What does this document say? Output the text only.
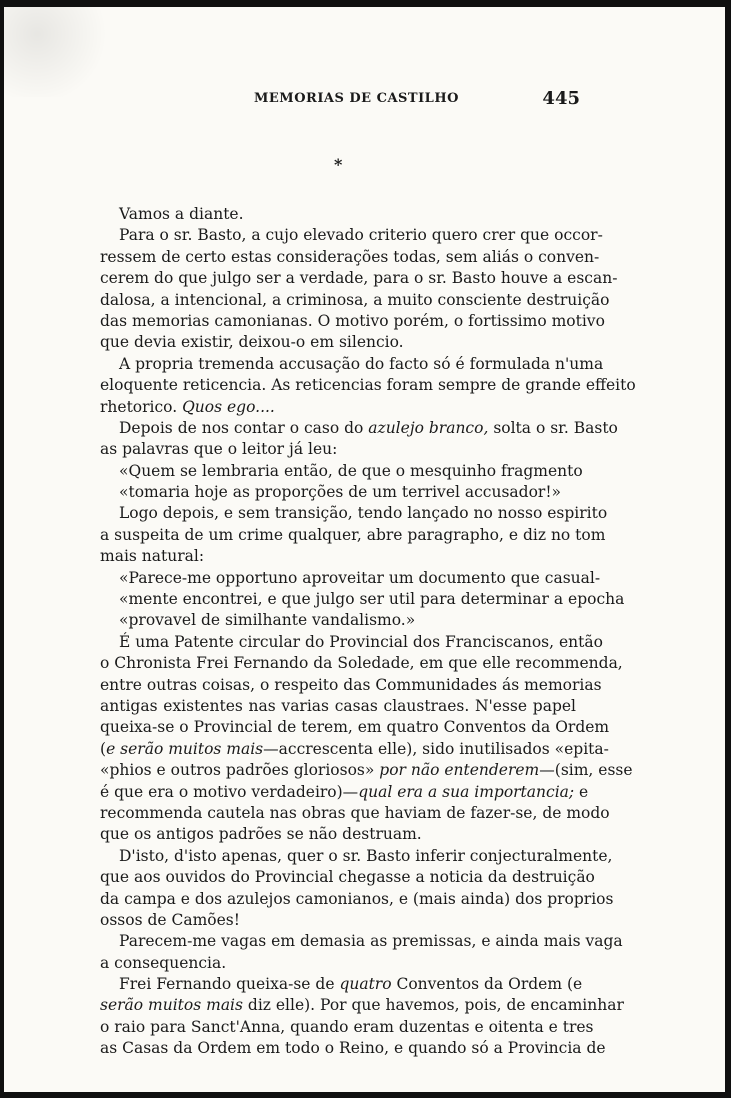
MEMORIAS DE CASTILHO	445
*
Vamos a diante.
Para o sr. Basto, a cujo elevado criterio quero crer que occor-
ressem de certo estas considerações todas, sem aliás o conven-
cerem do que julgo ser a verdade, para o sr. Basto houve a escan-
dalosa, a intencional, a criminosa, a muito consciente destruição
das memorias camonianas. O motivo porém, o fortissimo motivo
que devia existir, deixou-o em silencio.
A propria tremenda accusação do facto só é formulada n'uma
eloquente reticencia. As reticencias foram sempre de grande effeito
rhetorico. Quos ego....
Depois de nos contar o caso do azulejo branco, solta o sr. Basto
as palavras que o leitor já leu:
«Quem se lembraria então, de que o mesquinho fragmento
«tomaria hoje as proporções de um terrivel accusador!»
Logo depois, e sem transição, tendo lançado no nosso espirito
a suspeita de um crime qualquer, abre paragrapho, e diz no tom
mais natural:
«Parece-me opportuno aproveitar um documento que casual-
«mente encontrei, e que julgo ser util para determinar a epocha
«provavel de similhante vandalismo.»
É uma Patente circular do Provincial dos Franciscanos, então
o Chronista Frei Fernando da Soledade, em que elle recommenda,
entre outras coisas, o respeito das Communidades ás memorias
antigas existentes nas varias casas claustraes. N'esse papel
queixa-se o Provincial de terem, em quatro Conventos da Ordem
(e serão muitos mais—accrescenta elle), sido inutilisados «epita-
«phios e outros padrões gloriosos» por não entenderem—(sim, esse
é que era o motivo verdadeiro)—qual era a sua importancia; e
recommenda cautela nas obras que haviam de fazer-se, de modo
que os antigos padrões se não destruam.
D'isto, d'isto apenas, quer o sr. Basto inferir conjecturalmente,
que aos ouvidos do Provincial chegasse a noticia da destruição
da campa e dos azulejos camonianos, e (mais ainda) dos proprios
ossos de Camões!
Parecem-me vagas em demasia as premissas, e ainda mais vaga
a consequencia.
Frei Fernando queixa-se de quatro Conventos da Ordem (e
serão muitos mais diz elle). Por que havemos, pois, de encaminhar
o raio para Sanct'Anna, quando eram duzentas e oitenta e tres
as Casas da Ordem em todo o Reino, e quando só a Provincia de
